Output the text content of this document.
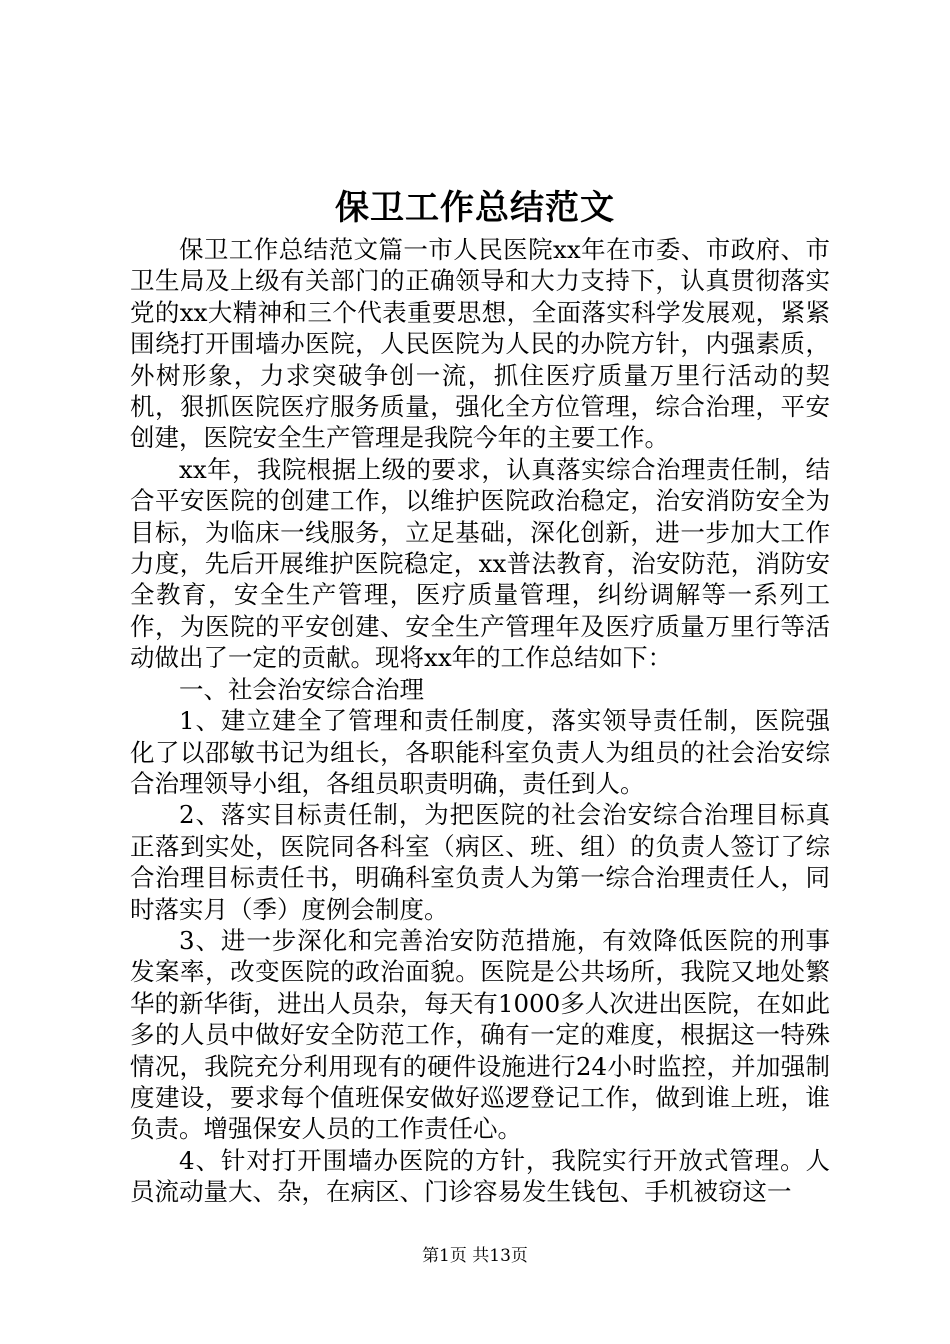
保卫工作总结范文

保卫工作总结范文篇一市人民医院xx年在市委、市政府、市卫生局及上级有关部门的正确领导和大力支持下，认真贯彻落实党的xx大精神和三个代表重要思想，全面落实科学发展观，紧紧围绕打开围墙办医院，人民医院为人民的办院方针，内强素质，外树形象，力求突破争创一流，抓住医疗质量万里行活动的契机，狠抓医院医疗服务质量，强化全方位管理，综合治理，平安创建，医院安全生产管理是我院今年的主要工作。

xx年，我院根据上级的要求，认真落实综合治理责任制，结合平安医院的创建工作，以维护医院政治稳定，治安消防安全为目标，为临床一线服务，立足基础，深化创新，进一步加大工作力度，先后开展维护医院稳定，xx普法教育，治安防范，消防安全教育，安全生产管理，医疗质量管理，纠纷调解等一系列工作，为医院的平安创建、安全生产管理年及医疗质量万里行等活动做出了一定的贡献。现将xx年的工作总结如下：

一、社会治安综合治理

1、建立建全了管理和责任制度，落实领导责任制，医院强化了以邵敏书记为组长，各职能科室负责人为组员的社会治安综合治理领导小组，各组员职责明确，责任到人。

2、落实目标责任制，为把医院的社会治安综合治理目标真正落到实处，医院同各科室（病区、班、组）的负责人签订了综合治理目标责任书，明确科室负责人为第一综合治理责任人，同时落实月（季）度例会制度。

3、进一步深化和完善治安防范措施，有效降低医院的刑事发案率，改变医院的政治面貌。医院是公共场所，我院又地处繁华的新华街，进出人员杂，每天有1000多人次进出医院，在如此多的人员中做好安全防范工作，确有一定的难度，根据这一特殊情况，我院充分利用现有的硬件设施进行24小时监控，并加强制度建设，要求每个值班保安做好巡逻登记工作，做到谁上班，谁负责。增强保安人员的工作责任心。

4、针对打开围墙办医院的方针，我院实行开放式管理。人员流动量大、杂，在病区、门诊容易发生钱包、手机被窃这一

第1页 共13页
